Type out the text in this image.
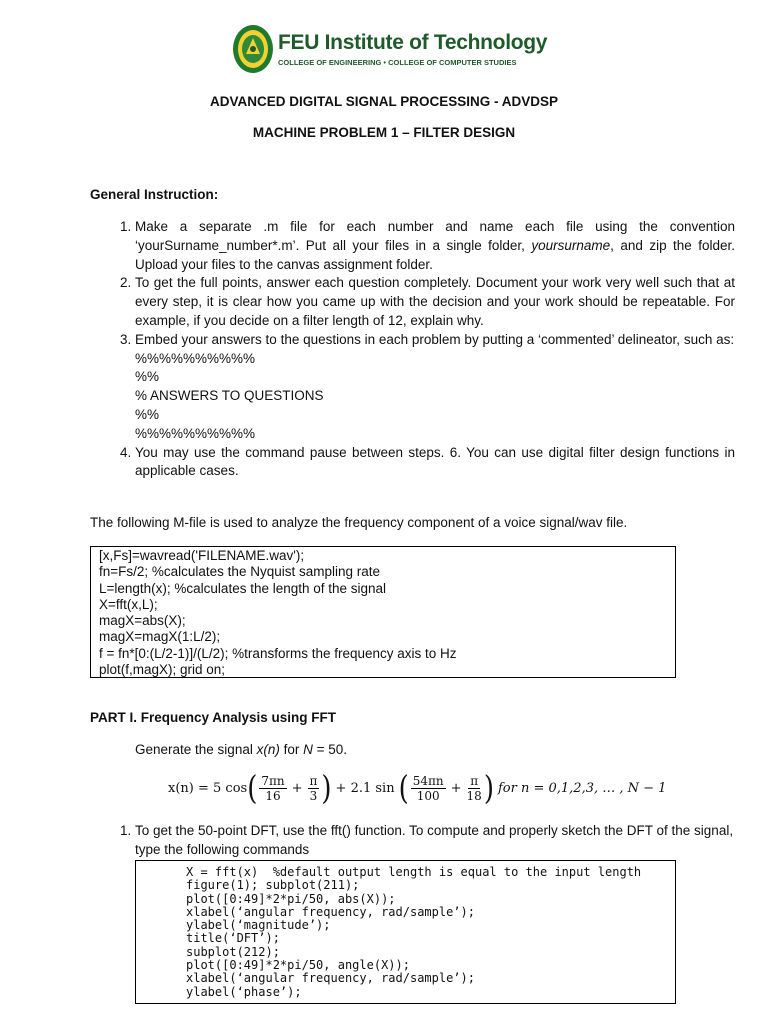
FEU Institute of Technology
COLLEGE OF ENGINEERING • COLLEGE OF COMPUTER STUDIES
ADVANCED DIGITAL SIGNAL PROCESSING - ADVDSP
MACHINE PROBLEM 1 – FILTER DESIGN
General Instruction:
1. Make a separate .m file for each number and name each file using the convention ‘yourSurname_number*.m’. Put all your files in a single folder, yoursurname, and zip the folder. Upload your files to the canvas assignment folder.
2. To get the full points, answer each question completely. Document your work very well such that at every step, it is clear how you came up with the decision and your work should be repeatable. For example, if you decide on a filter length of 12, explain why.
3. Embed your answers to the questions in each problem by putting a ‘commented’ delineator, such as:
%%%%%%%%%%
%%
% ANSWERS TO QUESTIONS
%%
%%%%%%%%%%
4. You may use the command pause between steps. 6. You can use digital filter design functions in applicable cases.
The following M-file is used to analyze the frequency component of a voice signal/wav file.
[x,Fs]=wavread('FILENAME.wav');
fn=Fs/2; %calculates the Nyquist sampling rate
L=length(x); %calculates the length of the signal
X=fft(x,L);
magX=abs(X);
magX=magX(1:L/2);
f = fn*[0:(L/2-1)]/(L/2); %transforms the frequency axis to Hz
plot(f,magX); grid on;
PART I. Frequency Analysis using FFT
Generate the signal x(n) for N = 50.
x(n) = 5 cos ( $\frac{7\pi n}{16} + \frac{\pi}{3}$ ) + 2.1 sin ( $\frac{54\pi n}{100} + \frac{\pi}{18}$ ) for n = 0,1,2,3, … , N − 1
1. To get the 50-point DFT, use the fft() function. To compute and properly sketch the DFT of the signal, type the following commands
X = fft(x)  %default output length is equal to the input length
figure(1); subplot(211);
plot([0:49]*2*pi/50, abs(X));
xlabel(‘angular frequency, rad/sample’);
ylabel(‘magnitude’);
title(‘DFT’);
subplot(212);
plot([0:49]*2*pi/50, angle(X));
xlabel(‘angular frequency, rad/sample’);
ylabel(‘phase’);
